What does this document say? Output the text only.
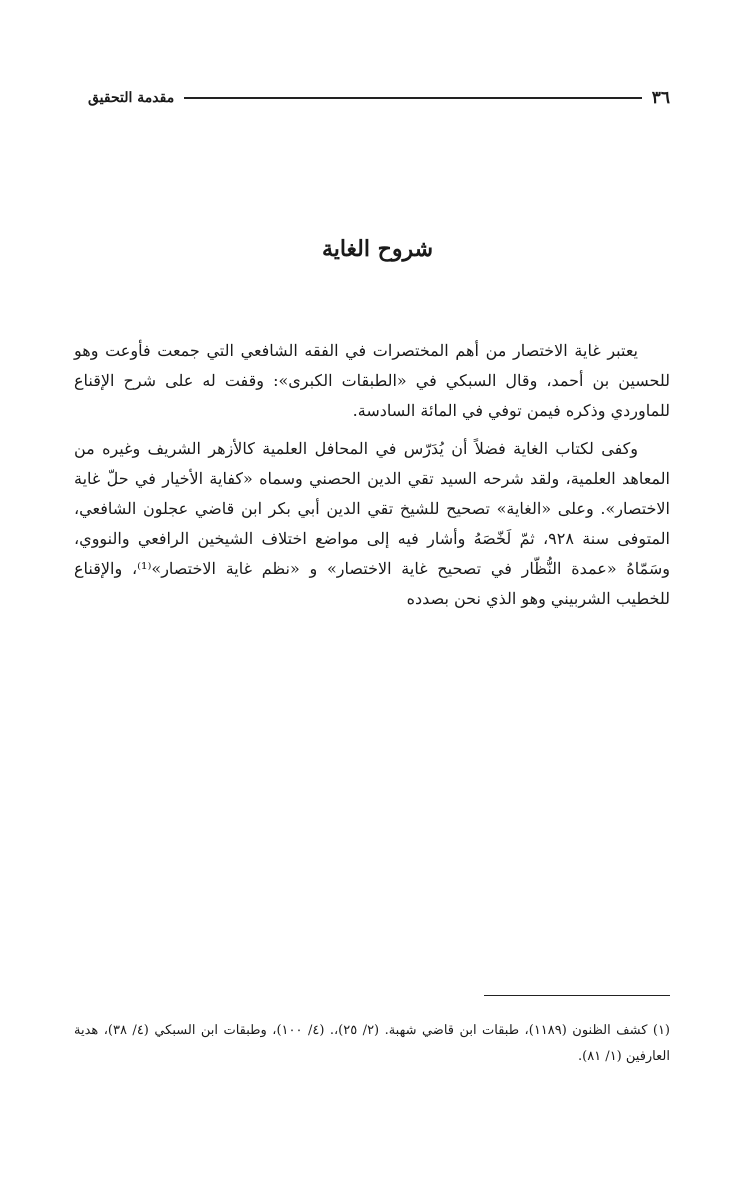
٣٦
مقدمة التحقيق
شروح الغاية

يعتبر غاية الاختصار من أهم المختصرات في الفقه الشافعي التي جمعت فأوعت وهو للحسين بن أحمد، وقال السبكي في «الطبقات الكبرى»: وقفت له على شرح الإقناع للماوردي وذكره فيمن توفي في المائة السادسة.

وكفى لكتاب الغاية فضلاً أن يُدَرّس في المحافل العلمية كالأزهر الشريف وغيره من المعاهد العلمية، ولقد شرحه السيد تقي الدين الحصني وسماه «كفاية الأخيار في حلّ غاية الاختصار». وعلى «الغاية» تصحيح للشيخ تقي الدين أبي بكر ابن قاضي عجلون الشافعي، المتوفى سنة ٩٢٨، ثمّ لَخّصَهُ وأشار فيه إلى مواضع اختلاف الشيخين الرافعي والنووي، وسَمّاهُ «عمدة النُّظّار في تصحيح غاية الاختصار» و «نظم غاية الاختصار»⁽¹⁾، والإقناع للخطيب الشربيني وهو الذي نحن بصدده

(١) كشف الظنون (١١٨٩)، طبقات ابن قاضي شهبة. (٢/ ٢٥)،. (٤/ ١٠٠)، وطبقات ابن السبكي (٤/ ٣٨)، هدية العارفين (١/ ٨١).
